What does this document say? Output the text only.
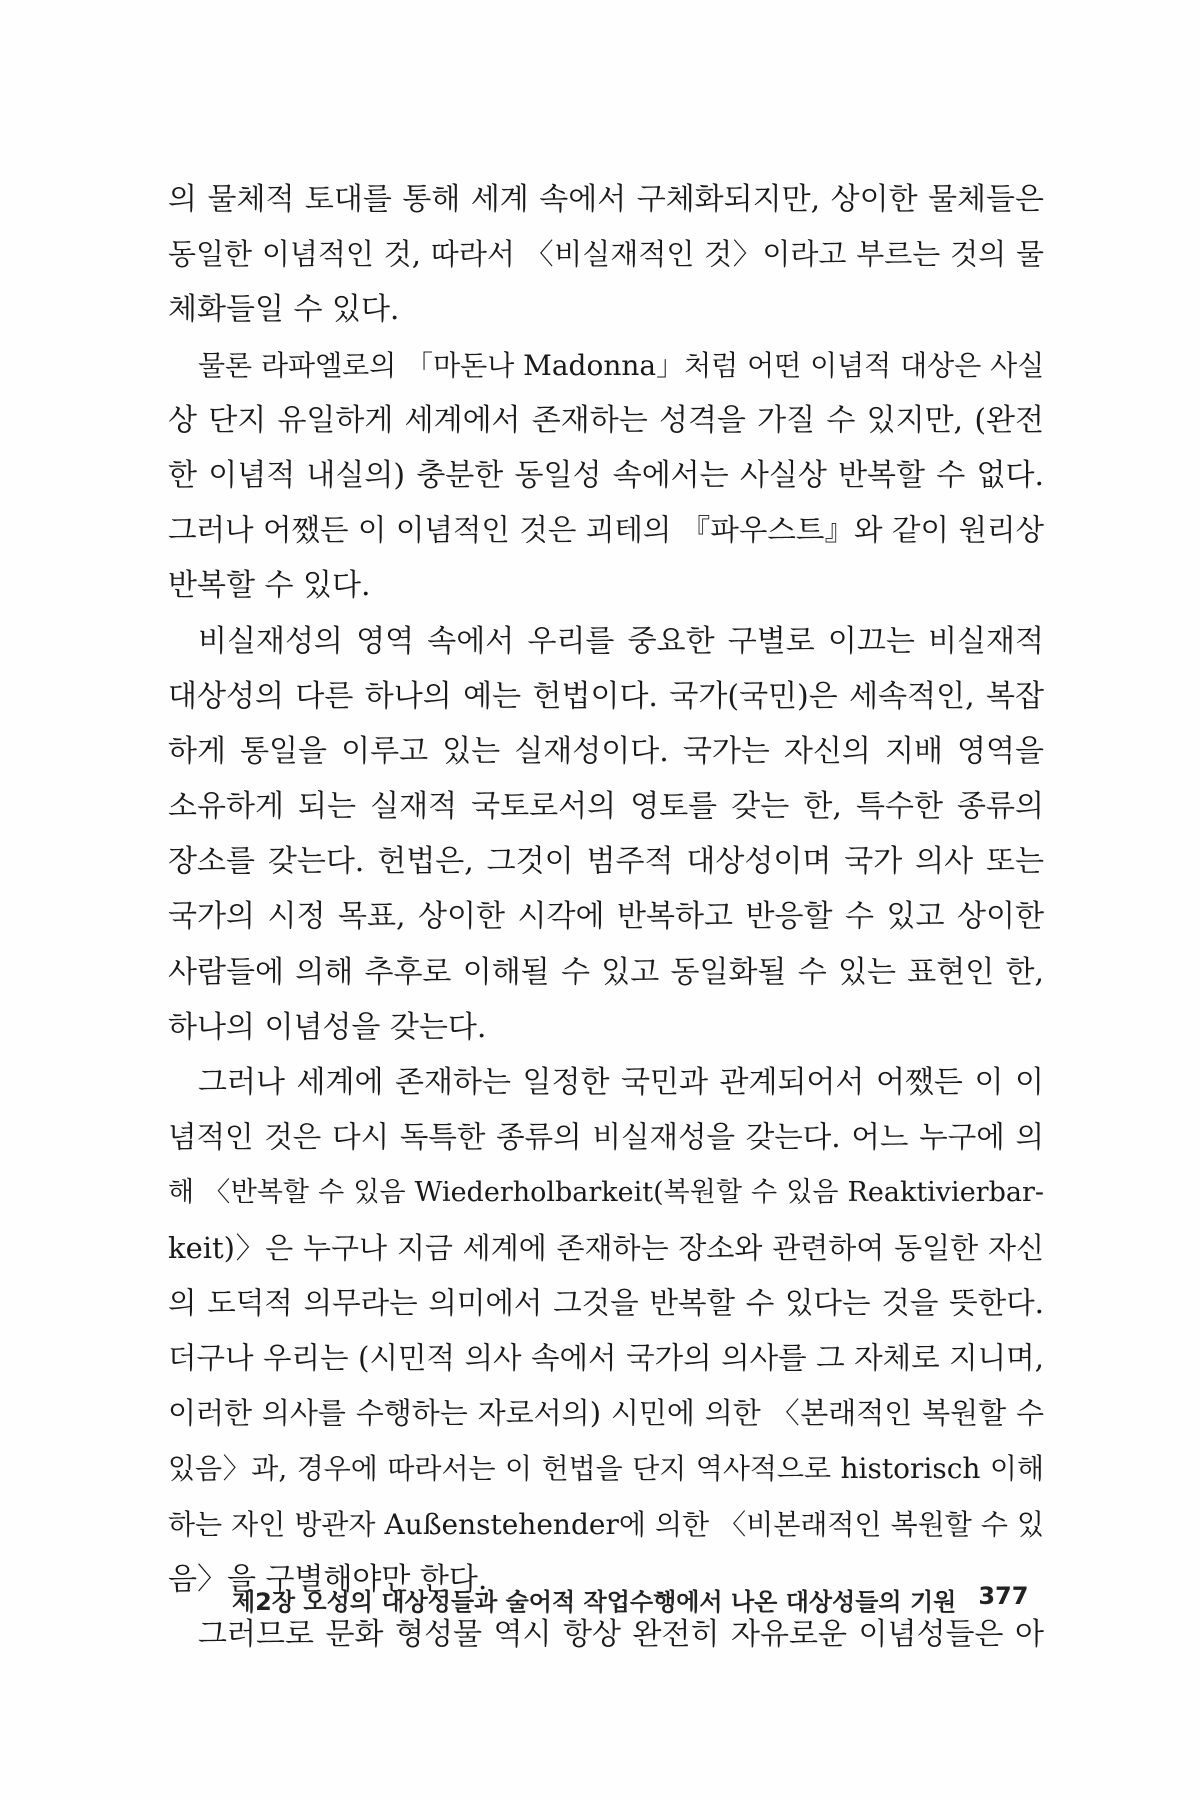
의 물체적 토대를 통해 세계 속에서 구체화되지만, 상이한 물체들은
동일한 이념적인 것, 따라서 〈비실재적인 것〉이라고 부르는 것의 물
체화들일 수 있다.
물론 라파엘로의 「마돈나 Madonna」처럼 어떤 이념적 대상은 사실
상 단지 유일하게 세계에서 존재하는 성격을 가질 수 있지만, (완전
한 이념적 내실의) 충분한 동일성 속에서는 사실상 반복할 수 없다.
그러나 어쨌든 이 이념적인 것은 괴테의 『파우스트』와 같이 원리상
반복할 수 있다.
비실재성의 영역 속에서 우리를 중요한 구별로 이끄는 비실재적
대상성의 다른 하나의 예는 헌법이다. 국가(국민)은 세속적인, 복잡
하게 통일을 이루고 있는 실재성이다. 국가는 자신의 지배 영역을
소유하게 되는 실재적 국토로서의 영토를 갖는 한, 특수한 종류의
장소를 갖는다. 헌법은, 그것이 범주적 대상성이며 국가 의사 또는
국가의 시정 목표, 상이한 시각에 반복하고 반응할 수 있고 상이한
사람들에 의해 추후로 이해될 수 있고 동일화될 수 있는 표현인 한,
하나의 이념성을 갖는다.
그러나 세계에 존재하는 일정한 국민과 관계되어서 어쨌든 이 이
념적인 것은 다시 독특한 종류의 비실재성을 갖는다. 어느 누구에 의
해 〈반복할 수 있음 Wiederholbarkeit(복원할 수 있음 Reaktivierbar-
keit)〉은 누구나 지금 세계에 존재하는 장소와 관련하여 동일한 자신
의 도덕적 의무라는 의미에서 그것을 반복할 수 있다는 것을 뜻한다.
더구나 우리는 (시민적 의사 속에서 국가의 의사를 그 자체로 지니며,
이러한 의사를 수행하는 자로서의) 시민에 의한 〈본래적인 복원할 수
있음〉과, 경우에 따라서는 이 헌법을 단지 역사적으로 historisch 이해
하는 자인 방관자 Außenstehender에 의한 〈비본래적인 복원할 수 있
음〉을 구별해야만 한다.
그러므로 문화 형성물 역시 항상 완전히 자유로운 이념성들은 아
제2장 오성의 대상성들과 술어적 작업수행에서 나온 대상성들의 기원 377
